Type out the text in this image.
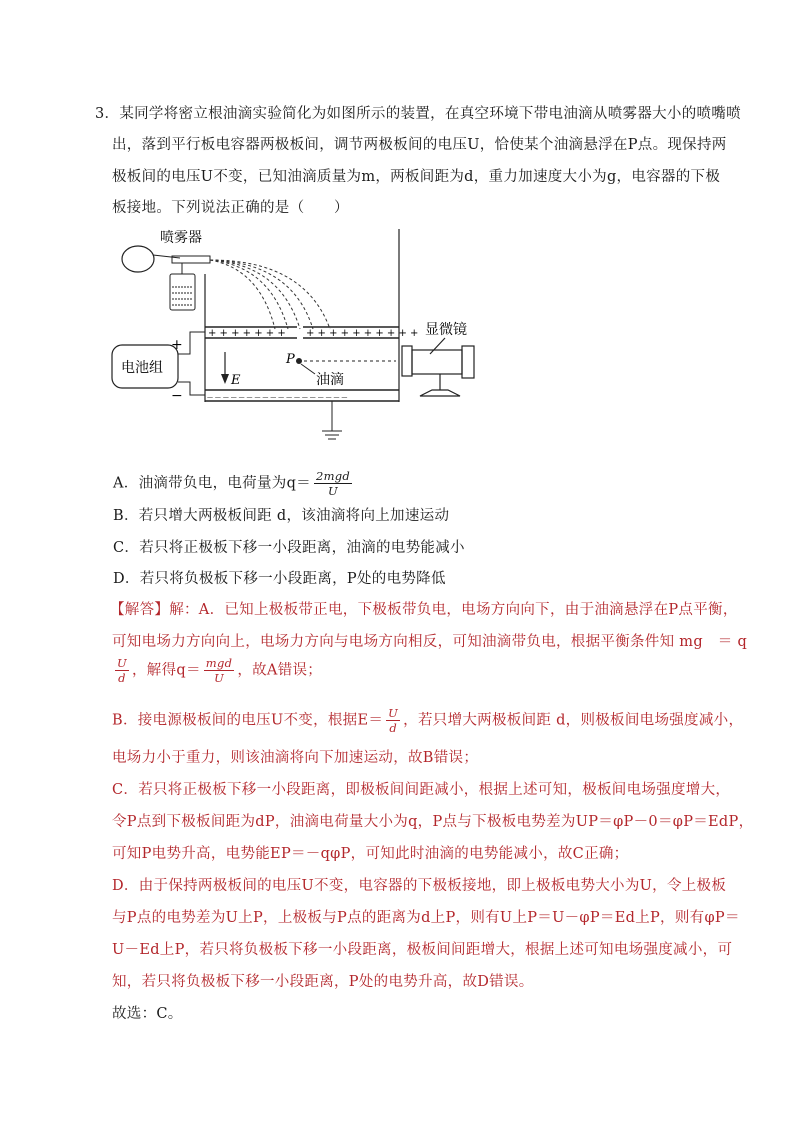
3．某同学将密立根油滴实验简化为如图所示的装置，在真空环境下带电油滴从喷雾器大小的喷嘴喷
出，落到平行板电容器两极板间，调节两极板间的电压U，恰使某个油滴悬浮在P点。现保持两
极板间的电压U不变，已知油滴质量为m，两板间距为d，重力加速度大小为g，电容器的下极
板接地。下列说法正确的是（　　）
喷雾器
+ + + + + + + + + + + + + + + + +
— — — — — — — — — — — — — — — — — —
电池组
+
−
E
P
油滴
显微镜
A．油滴带负电，电荷量为$q= \frac{\text{2mgd}}{U}$
B．若只增大两极板间距 d，该油滴将向上加速运动
C．若只将正极板下移一小段距离，油滴的电势能减小
D．若只将负极板下移一小段距离，P处的电势降低
【解答】解：A．已知上极板带正电，下极板带负电，电场方向向下，由于油滴悬浮在P点平衡，
可知电场力方向向上，电场力方向与电场方向相反，可知油滴带负电，根据平衡条件知 mg　＝ q
$\frac{U}{d}$ ，解得$q= \frac{\text{mgd}}{U}$ ，故A错误；
B．接电源极板间的电压U不变，根据$E= \frac{U}{d}$ ，若只增大两极板间距 d，则极板间电场强度减小，
电场力小于重力，则该油滴将向下加速运动，故B错误；
C．若只将正极板下移一小段距离，即极板间间距减小，根据上述可知，极板间电场强度增大，
令P点到下极板间距为dP，油滴电荷量大小为q，P点与下极板电势差为UP＝φP－0＝φP＝EdP，
可知P电势升高，电势能EP＝－qφP，可知此时油滴的电势能减小，故C正确；
D．由于保持两极板间的电压U不变，电容器的下极板接地，即上极板电势大小为U，令上极板
与P点的电势差为U上P，上极板与P点的距离为d上P，则有U上P＝U－φP＝Ed上P，则有φP＝
U－Ed上P，若只将负极板下移一小段距离，极板间间距增大，根据上述可知电场强度减小，可
知，若只将负极板下移一小段距离，P处的电势升高，故D错误。
故选：C。
